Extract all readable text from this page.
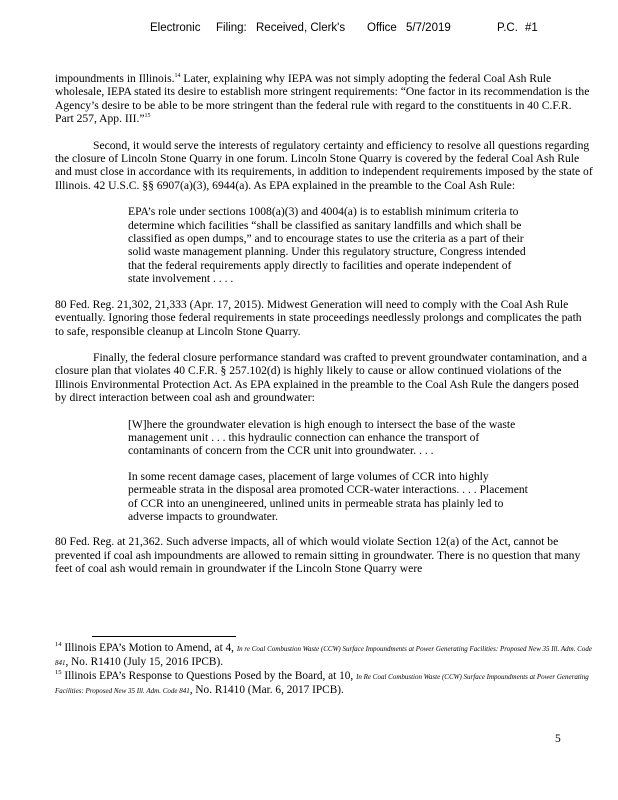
Electronic Filing: Received, Clerk's Office 5/7/2019	P.C. #1

impoundments in Illinois.$^{14}$ Later, explaining why IEPA was not simply adopting the federal Coal Ash Rule wholesale, IEPA stated its desire to establish more stringent requirements: “One factor in its recommendation is the Agency’s desire to be able to be more stringent than the federal rule with regard to the constituents in 40 C.F.R. Part 257, App. III.”$^{15}$

Second, it would serve the interests of regulatory certainty and efficiency to resolve all questions regarding the closure of Lincoln Stone Quarry in one forum. Lincoln Stone Quarry is covered by the federal Coal Ash Rule and must close in accordance with its requirements, in addition to independent requirements imposed by the state of Illinois. 42 U.S.C. §§ 6907(a)(3), 6944(a). As EPA explained in the preamble to the Coal Ash Rule:

EPA’s role under sections 1008(a)(3) and 4004(a) is to establish minimum criteria to determine which facilities “shall be classified as sanitary landfills and which shall be classified as open dumps,” and to encourage states to use the criteria as a part of their solid waste management planning. Under this regulatory structure, Congress intended that the federal requirements apply directly to facilities and operate independent of state involvement . . . .

80 Fed. Reg. 21,302, 21,333 (Apr. 17, 2015). Midwest Generation will need to comply with the Coal Ash Rule eventually. Ignoring those federal requirements in state proceedings needlessly prolongs and complicates the path to safe, responsible cleanup at Lincoln Stone Quarry.

Finally, the federal closure performance standard was crafted to prevent groundwater contamination, and a closure plan that violates 40 C.F.R. § 257.102(d) is highly likely to cause or allow continued violations of the Illinois Environmental Protection Act. As EPA explained in the preamble to the Coal Ash Rule the dangers posed by direct interaction between coal ash and groundwater:

[W]here the groundwater elevation is high enough to intersect the base of the waste management unit . . . this hydraulic connection can enhance the transport of contaminants of concern from the CCR unit into groundwater. . . .

In some recent damage cases, placement of large volumes of CCR into highly permeable strata in the disposal area promoted CCR-water interactions. . . . Placement of CCR into an unengineered, unlined units in permeable strata has plainly led to adverse impacts to groundwater.

80 Fed. Reg. at 21,362. Such adverse impacts, all of which would violate Section 12(a) of the Act, cannot be prevented if coal ash impoundments are allowed to remain sitting in groundwater. There is no question that many feet of coal ash would remain in groundwater if the Lincoln Stone Quarry were

$^{14}$ Illinois EPA’s Motion to Amend, at 4, In re Coal Combustion Waste (CCW) Surface Impoundments at Power Generating Facilities: Proposed New 35 Ill. Adm. Code 841, No. R1410 (July 15, 2016 IPCB).

$^{15}$ Illinois EPA’s Response to Questions Posed by the Board, at 10, In Re Coal Combustion Waste (CCW) Surface Impoundments at Power Generating Facilities: Proposed New 35 Ill. Adm. Code 841, No. R1410 (Mar. 6, 2017 IPCB).

5
